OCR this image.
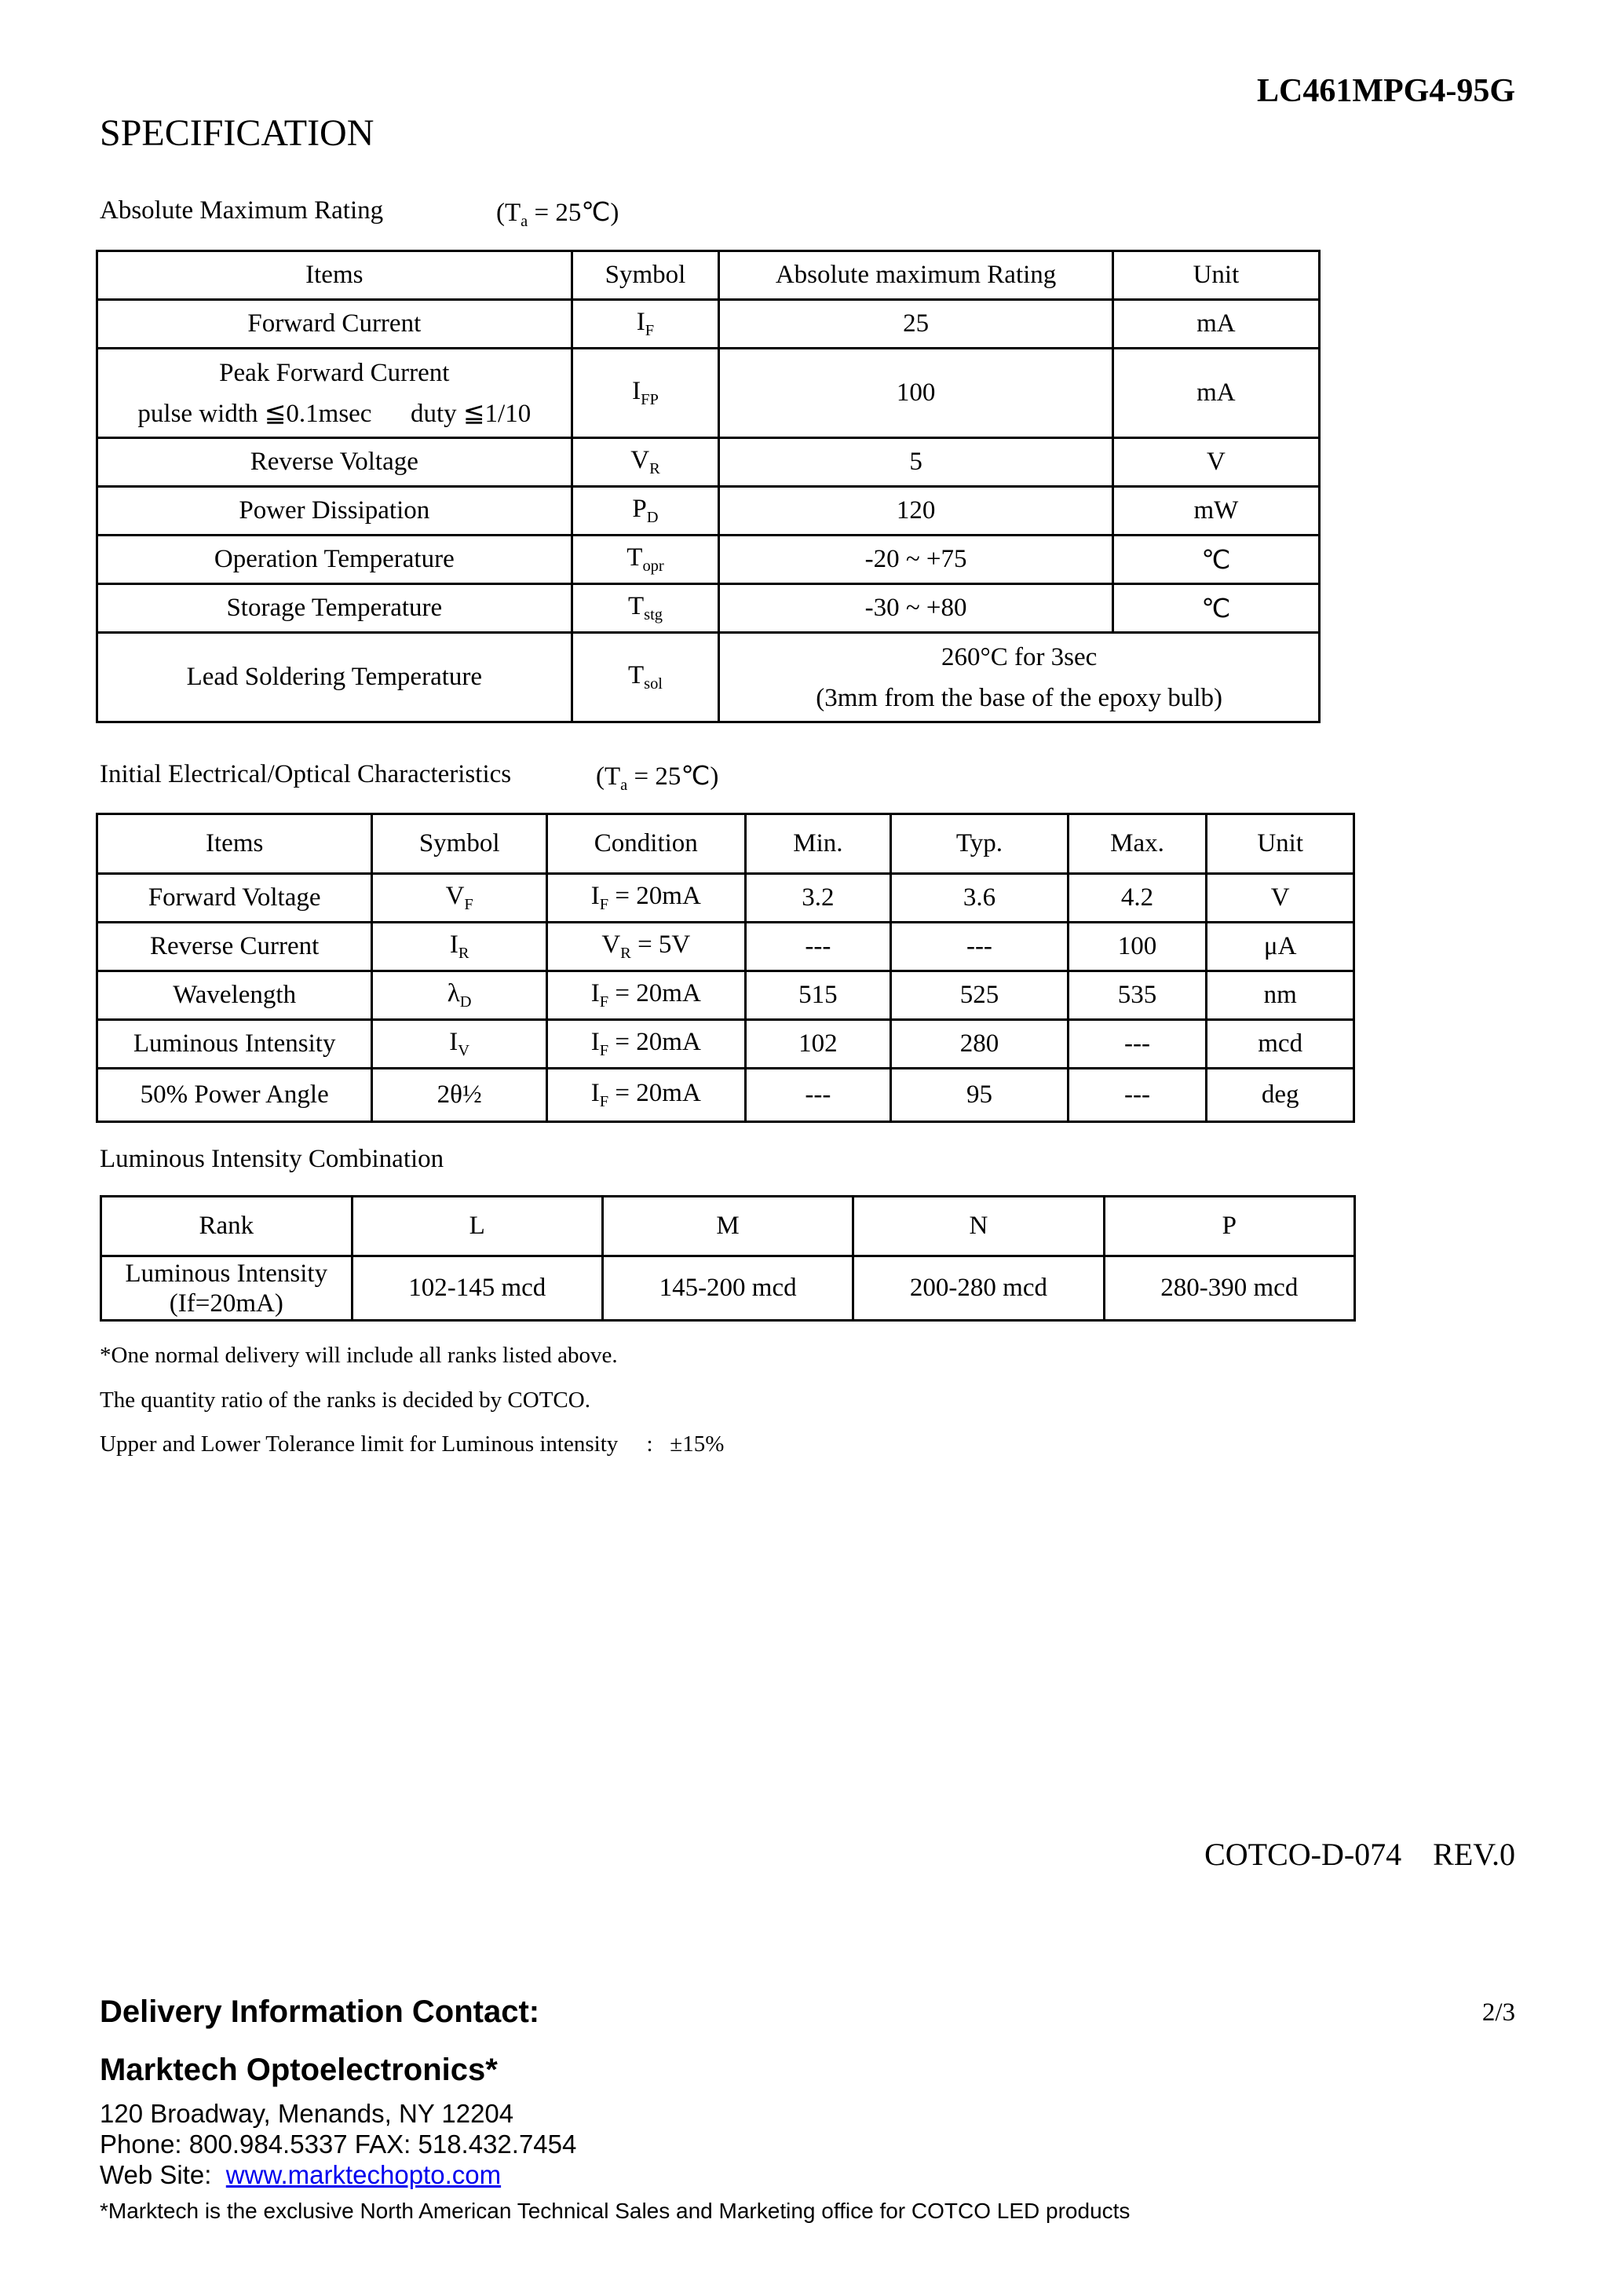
LC461MPG4-95G
SPECIFICATION
Absolute Maximum Rating	($T_a$ = 25℃)
Items	Symbol	Absolute maximum Rating	Unit
Forward Current	$I_F$	25	mA

Peak Forward Current
pulse width ≦0.1msec      duty ≦1/10	$I_{FP}$	100	mA
Reverse Voltage	$V_R$	5	V
Power Dissipation	$P_D$	120	mW
Operation Temperature	$T_{opr}$	-20 ~ +75	℃
Storage Temperature	$T_{stg}$	-30 ~ +80	℃
Lead Soldering Temperature	$T_{sol}$	260°C for 3sec
(3mm from the base of the epoxy bulb)	
Initial Electrical/Optical Characteristics	($T_a$ = 25℃)
Items	Symbol	Condition	Min.	Typ.	Max.	Unit
Forward Voltage	$V_F$	$I_F = 20mA$	3.2	3.6	4.2	V
Reverse Current	$I_R$	$V_R = 5V$	---	---	100	μA
Wavelength	$\lambda_D$	$I_F = 20mA$	515	525	535	nm
Luminous Intensity	$I_V$	$I_F = 20mA$	102	280	---	mcd
50% Power Angle	2θ½	$I_F = 20mA$	---	95	---	deg
Luminous Intensity Combination
Rank	L	M	N	P

Luminous Intensity
(If=20mA)	102-145 mcd	145-200 mcd	200-280 mcd	280-390 mcd
*One normal delivery will include all ranks listed above.
The quantity ratio of the ranks is decided by COTCO.
Upper and Lower Tolerance limit for Luminous intensity     :   ±15%
COTCO-D-074    REV.0
2/3
Delivery Information Contact:
Marktech Optoelectronics*
120 Broadway, Menands, NY 12204
Phone: 800.984.5337 FAX: 518.432.7454
Web Site:  www.marktechopto.com
*Marktech is the exclusive North American Technical Sales and Marketing office for COTCO LED products
